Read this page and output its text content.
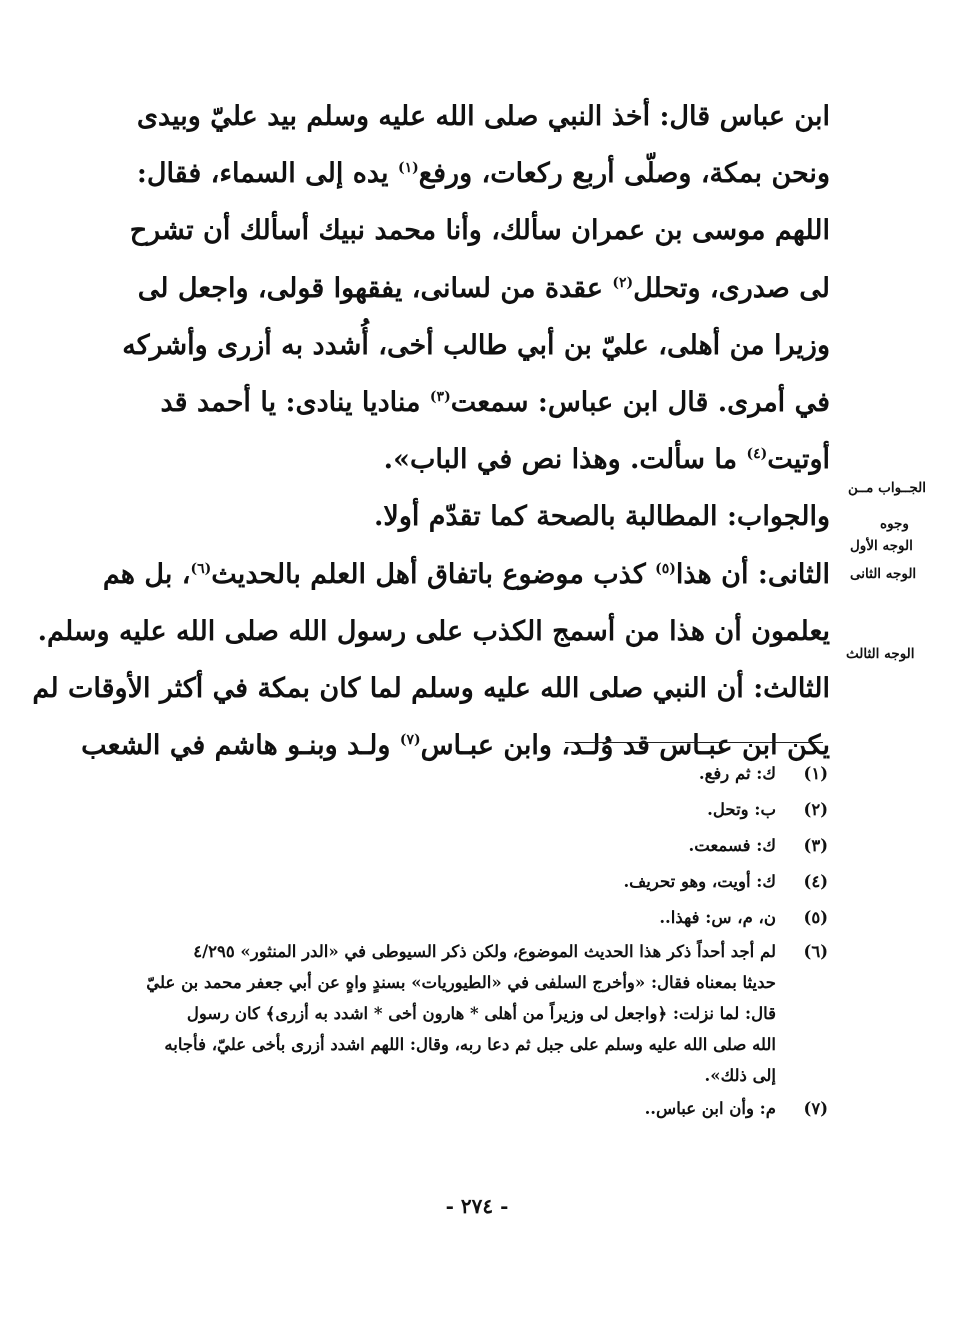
ابن عباس قال: أخذ النبي صلى الله عليه وسلم بيد عليّ وبيدى
ونحن بمكة، وصلّى أربع ركعات، ورفع$^{(١)}$ يده إلى السماء، فقال:
اللهم موسى بن عمران سألك، وأنا محمد نبيك أسألك أن تشرح
لى صدرى، وتحلل$^{(٢)}$ عقدة من لسانى، يفقهوا قولى، واجعل لى
وزيرا من أهلى، عليّ بن أبي طالب أخى، أُشدد به أزرى وأشركه
في أمرى. قال ابن عباس: سمعت$^{(٣)}$ مناديا ينادى: يا أحمد قد
أوتيت$^{(٤)}$ ما سألت. وهذا نص في الباب».
والجواب: المطالبة بالصحة كما تقدّم أولا.
الثانى: أن هذا$^{(٥)}$ كذب موضوع باتفاق أهل العلم بالحديث$^{(٦)}$، بل هم
يعلمون أن هذا من أسمج الكذب على رسول الله صلى الله عليه وسلم.
الثالث: أن النبي صلى الله عليه وسلم لما كان بمكة في أكثر الأوقات لم
يكن ابن عبـاس قد وُلـد، وابن عبـاس$^{(٧)}$ ولـد وبنـو هاشم في الشعب
الجــواب مــن
وجوه
الوجه الأول
الوجه الثانى
الوجه الثالث
(١)
ك: ثم رفع.
(٢)
ب: وتحل.
(٣)
ك: فسمعت.
(٤)
ك: أويت، وهو تحريف.
(٥)
ن، م، س: فهذا..
(٦)
لم أجد أحداً ذكر هذا الحديث الموضوع، ولكن ذكر السيوطى في «الدر المنثور» ٤/٢٩٥
حديثا بمعناه فقال: «وأخرج السلفى في «الطيوريات» بسندٍ واهٍ عن أبي جعفر محمد بن عليّ
قال: لما نزلت: ﴿واجعل لى وزيراً من أهلى * هارون أخى * اشدد به أزرى﴾ كان رسول
الله صلى الله عليه وسلم على جبل ثم دعا ربه، وقال: اللهم اشدد أزرى بأخى عليّ، فأجابه
إلى ذلك».
(٧)
م: وأن ابن عباس..
- ٢٧٤ -
